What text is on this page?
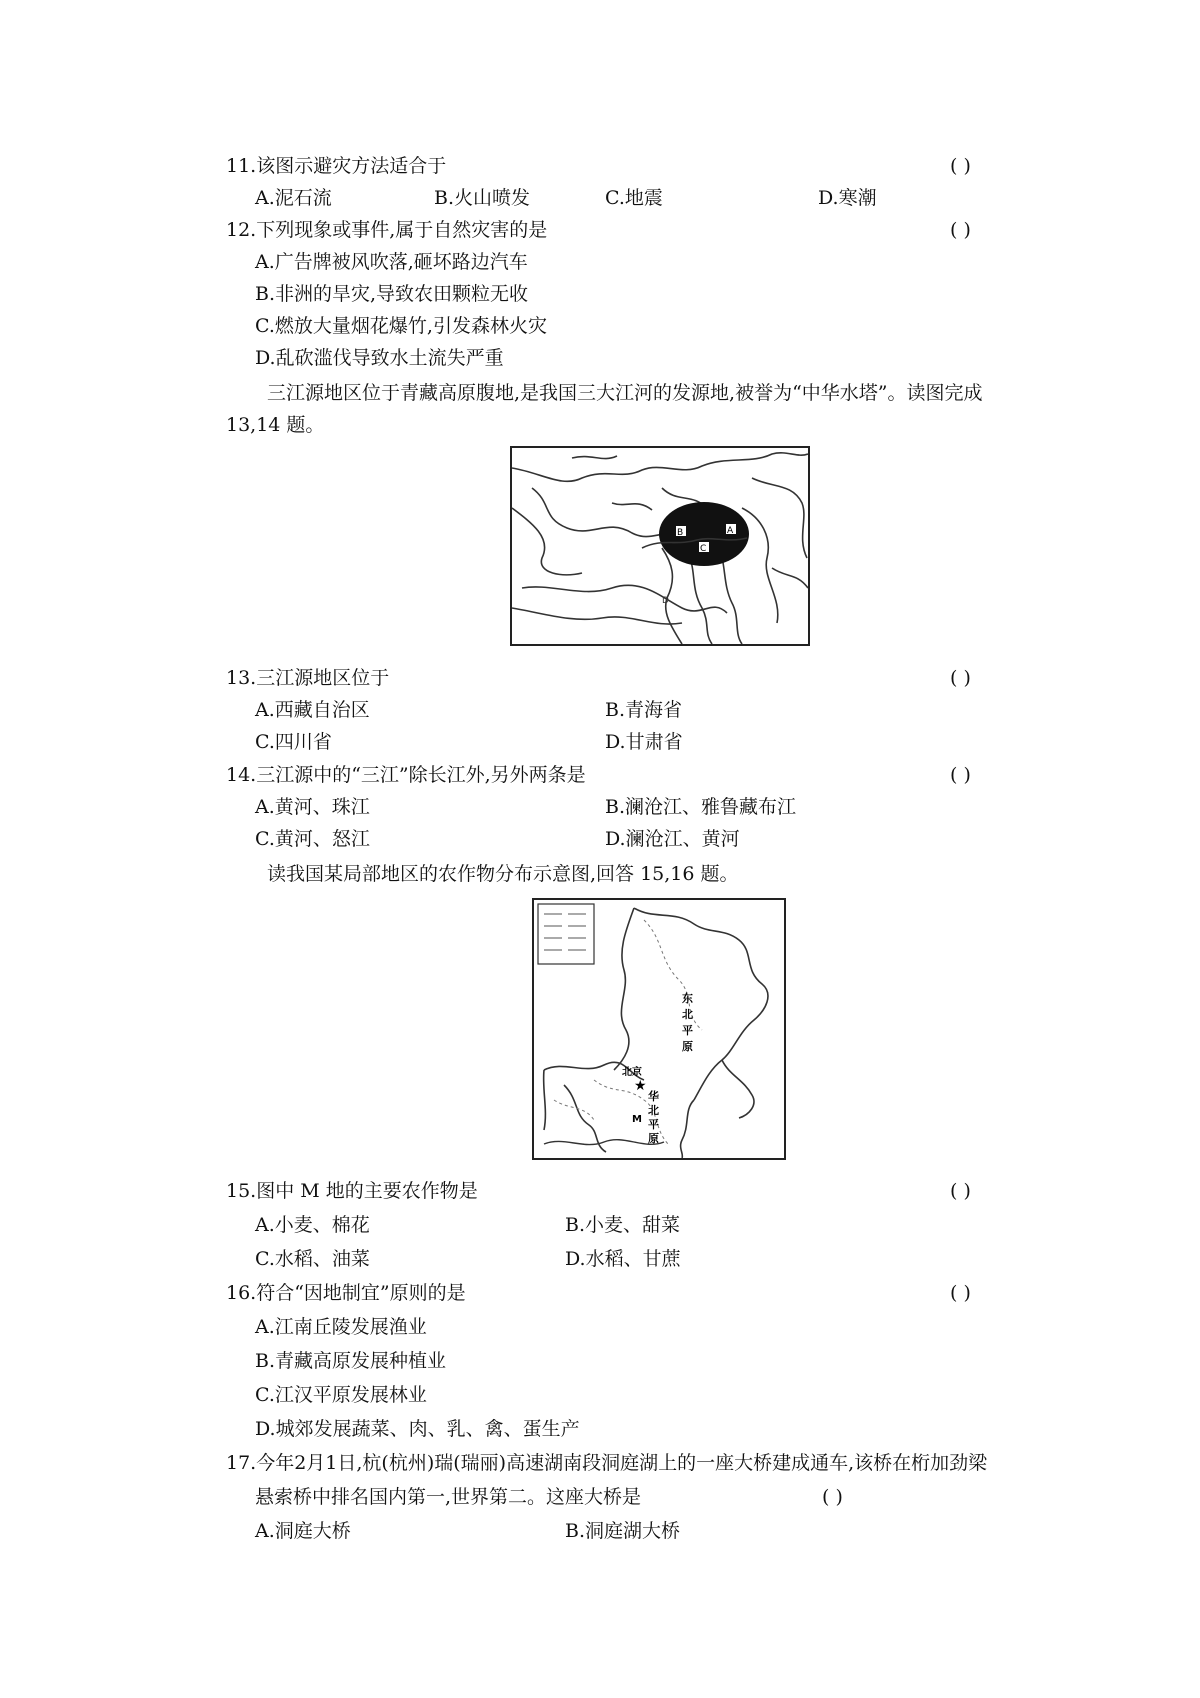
11.该图示避灾方法适合于	( )
A.泥石流	B.火山喷发	C.地震	D.寒潮
12.下列现象或事件,属于自然灾害的是	( )
A.广告牌被风吹落,砸坏路边汽车
B.非洲的旱灾,导致农田颗粒无收
C.燃放大量烟花爆竹,引发森林火灾
D.乱砍滥伐导致水土流失严重
三江源地区位于青藏高原腹地,是我国三大江河的发源地,被誉为“中华水塔”。读图完成
13,14 题。
B
C
A
D
13.三江源地区位于	( )
A.西藏自治区	B.青海省
C.四川省	D.甘肃省
14.三江源中的“三江”除长江外,另外两条是	( )
A.黄河、珠江	B.澜沧江、雅鲁藏布江
C.黄河、怒江	D.澜沧江、黄河
读我国某局部地区的农作物分布示意图,回答 15,16 题。
东
北
平
原
北京
华
北
平
原
M
★
15.图中 M 地的主要农作物是	( )
A.小麦、棉花	B.小麦、甜菜
C.水稻、油菜	D.水稻、甘蔗
16.符合“因地制宜”原则的是	( )
A.江南丘陵发展渔业
B.青藏高原发展种植业
C.江汉平原发展林业
D.城郊发展蔬菜、肉、乳、禽、蛋生产
17.今年2月1日,杭(杭州)瑞(瑞丽)高速湖南段洞庭湖上的一座大桥建成通车,该桥在桁加劲梁
悬索桥中排名国内第一,世界第二。这座大桥是	( )
A.洞庭大桥	B.洞庭湖大桥
